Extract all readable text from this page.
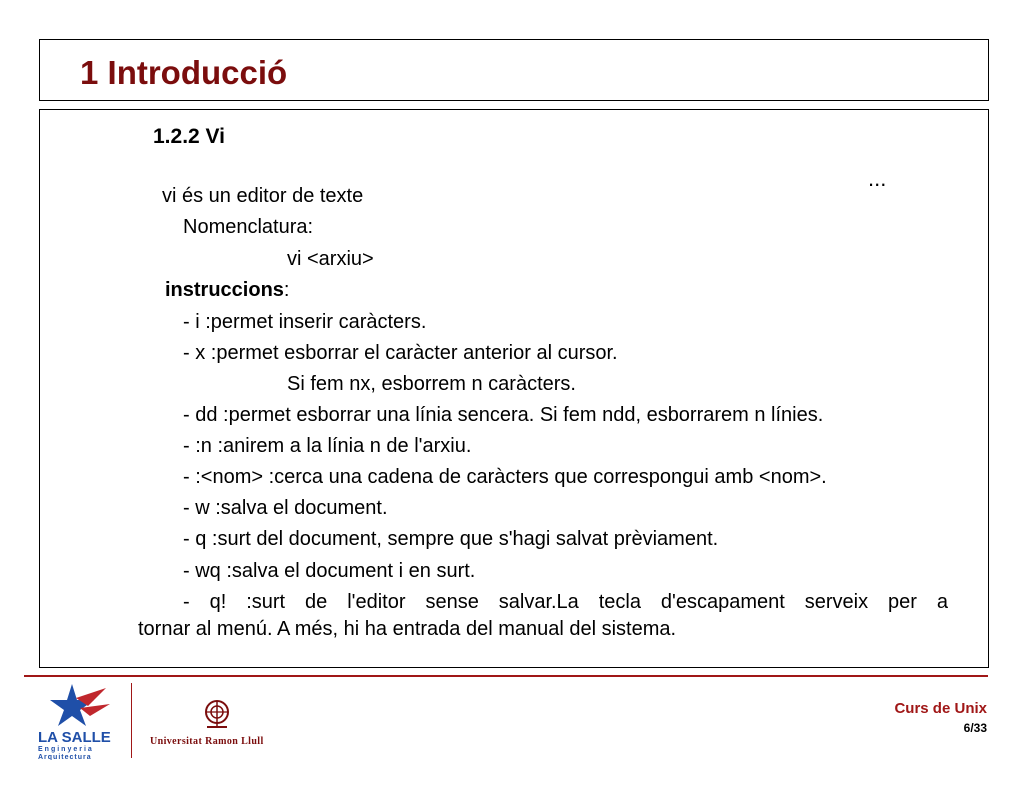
1 Introducció
1.2.2 Vi
...
vi és un editor de texte
Nomenclatura:
vi <arxiu>
instruccions:
- i :permet inserir caràcters.
- x :permet esborrar el caràcter anterior al cursor.
Si fem nx, esborrem n caràcters.
- dd :permet esborrar una línia sencera. Si fem ndd, esborrarem n línies.
- :n :anirem a la línia n de l'arxiu.
- :<nom> :cerca una cadena de caràcters que correspongui amb <nom>.
- w :salva el document.
- q :surt del document, sempre que s'hagi salvat prèviament.
- wq :salva el document i en surt.
- q! :surt de l'editor sense salvar.La tecla d'escapament serveix per a
tornar al menú. A més, hi ha entrada del manual del sistema.
LA SALLE
Enginyeria
Arquitectura
Universitat Ramon Llull
Curs de Unix
6/33
